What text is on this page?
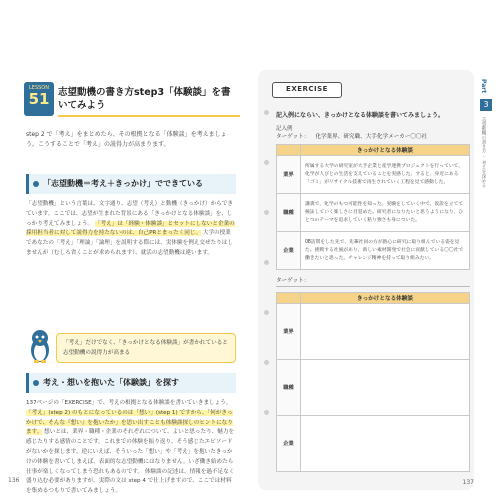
LESSON
51 志望動機の書き方step3「体験談」を書いてみよう
step 2 で「考え」をまとめたら、その根拠となる「体験談」を考えましょう。こうすることで「考え」の説得力が高まります。
「志望動機＝考え＋きっかけ」でできている
「志望動機」という言葉は、文字通り、志望（考え）と動機（きっかけ）からできています。ここでは、志望が生まれた背景にある「きっかけとなる体験談」を、しっかり考えてみましょう。 「考え」は「経験・体験談」とセットにしないと企業の採用担当者に対して説得力を持たないのは、自己PRとまったく同じ。 大学の授業であなたの「考え」「理論」「論理」を説明する際には、実体験を例え交ぜたりはしませんが（むしろ省くことが求められます）、就活の志望動機は違います。
「考え」だけでなく、「きっかけとなる体験談」が書かれていると志望動機の説得力が高まる
考え・想いを抱いた「体験談」を探す
137ページの「EXERCISE」で、考えの根拠となる体験談を書いていきましょう。 「考え」(step 2) のもとになっているのは「想い」(step 1) ですから、「何がきっかけで、そんな『想い』を抱いたか」を思い出すことも体験談探しのヒントになります。 想いとは、業界・職種・企業のそれぞれについて、よいと思ったり、魅力を感じたりする感情のことです。これまでの体験を振り返り、そう感じたエピソードがないかを探します。逆にいえば、そういった「想い」や「考え」を抱いたきっかけの体験を書いてしまえば、表面的な志望動機にはなりません。いざ働き始めたら仕事が楽しくなってしまう恐れもあるのです。 体験談の記述は、情報を過不足なく盛り込む必要がありますが、実際の文は step 4 で仕上げますので、ここでは材料を集めるつもりで書いてみましょう。
136
EXERCISE
記入例にならい、きっかけとなる体験談を書いてみましょう。
記入例
ターゲット： 化学業界、研究職、大手化学メーカー〇〇社
	きっかけとなる体験談
業界	所属する大学の研究室が大手企業と産学連携プロジェクトを行っていて、化学が人びとの生活を支えていることを実感した。すると、身近にある「ゴミ」がリサイクル技術で再生されていく工程を見て感動した。
職種	講義で、化学のもつ可能性を知った。実験をしていく中で、仮説を立てて検証していく楽しさに目覚めた。研究者になりたいと思うようになり、ひとつのテーマを追求していく粘り強さも身についた。
企業	OB訪問をした先で、先輩社員の方が熱心に研究に取り組んでいる姿を見た。挑戦する社風があり、新しい素材開発で社会に貢献している〇〇社で働きたいと思った。チャレンジ精神を持って取り組みたい。
ターゲット：
	きっかけとなる体験談
業界	
職種	
企業	
Part
3
志望動機の書き方 ・ 考えを深める
137
